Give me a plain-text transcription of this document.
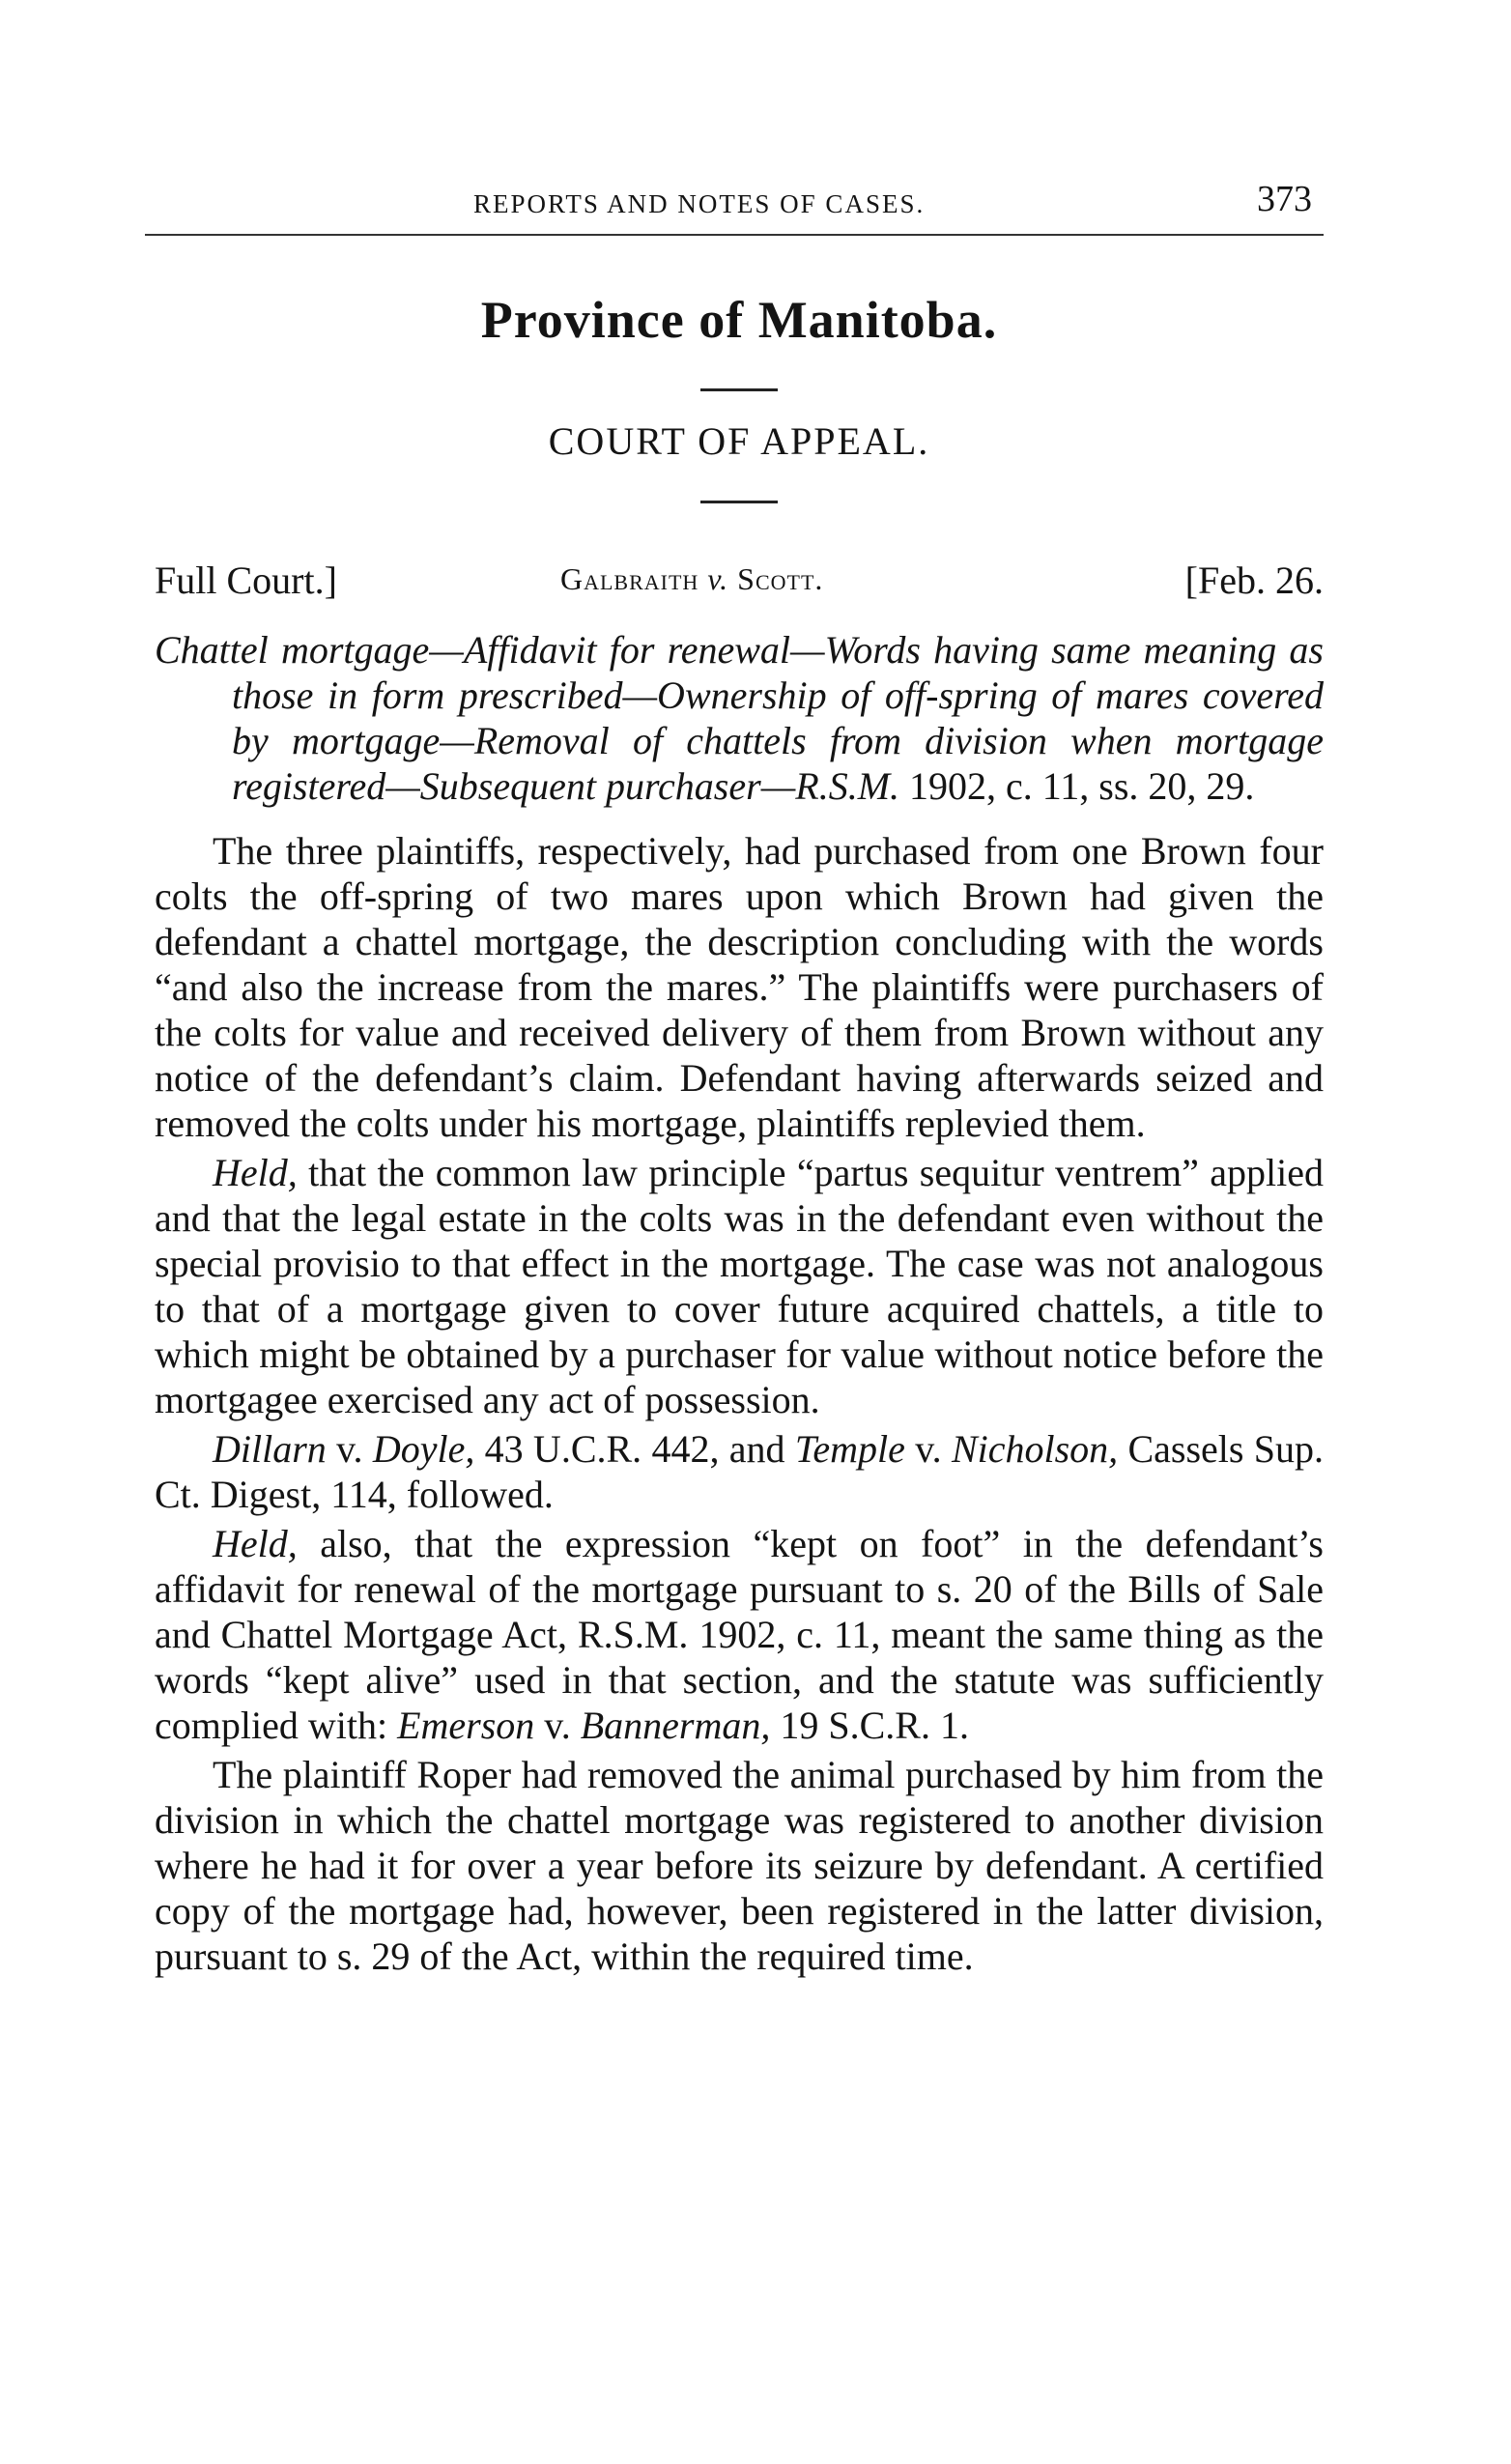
REPORTS AND NOTES OF CASES.	373
Province of Manitoba.
COURT OF APPEAL.
Full Court.]	Galbraith v. Scott.	[Feb. 26.
Chattel mortgage—Affidavit for renewal—Words having same meaning as those in form prescribed—Ownership of off-spring of mares covered by mortgage—Removal of chattels from division when mortgage registered—Subsequent purchaser—R.S.M. 1902, c. 11, ss. 20, 29.

The three plaintiffs, respectively, had purchased from one Brown four colts the off-spring of two mares upon which Brown had given the defendant a chattel mortgage, the description concluding with the words “and also the increase from the mares.” The plaintiffs were purchasers of the colts for value and received delivery of them from Brown without any notice of the defendant’s claim. Defendant having afterwards seized and removed the colts under his mortgage, plaintiffs replevied them.

Held, that the common law principle “partus sequitur ventrem” applied and that the legal estate in the colts was in the defendant even without the special provisio to that effect in the mortgage. The case was not analogous to that of a mortgage given to cover future acquired chattels, a title to which might be obtained by a purchaser for value without notice before the mortgagee exercised any act of possession.

Dillarn v. Doyle, 43 U.C.R. 442, and Temple v. Nicholson, Cassels Sup. Ct. Digest, 114, followed.

Held, also, that the expression “kept on foot” in the defendant’s affidavit for renewal of the mortgage pursuant to s. 20 of the Bills of Sale and Chattel Mortgage Act, R.S.M. 1902, c. 11, meant the same thing as the words “kept alive” used in that section, and the statute was sufficiently complied with: Emerson v. Bannerman, 19 S.C.R. 1.

The plaintiff Roper had removed the animal purchased by him from the division in which the chattel mortgage was registered to another division where he had it for over a year before its seizure by defendant. A certified copy of the mortgage had, however, been registered in the latter division, pursuant to s. 29 of the Act, within the required time.
